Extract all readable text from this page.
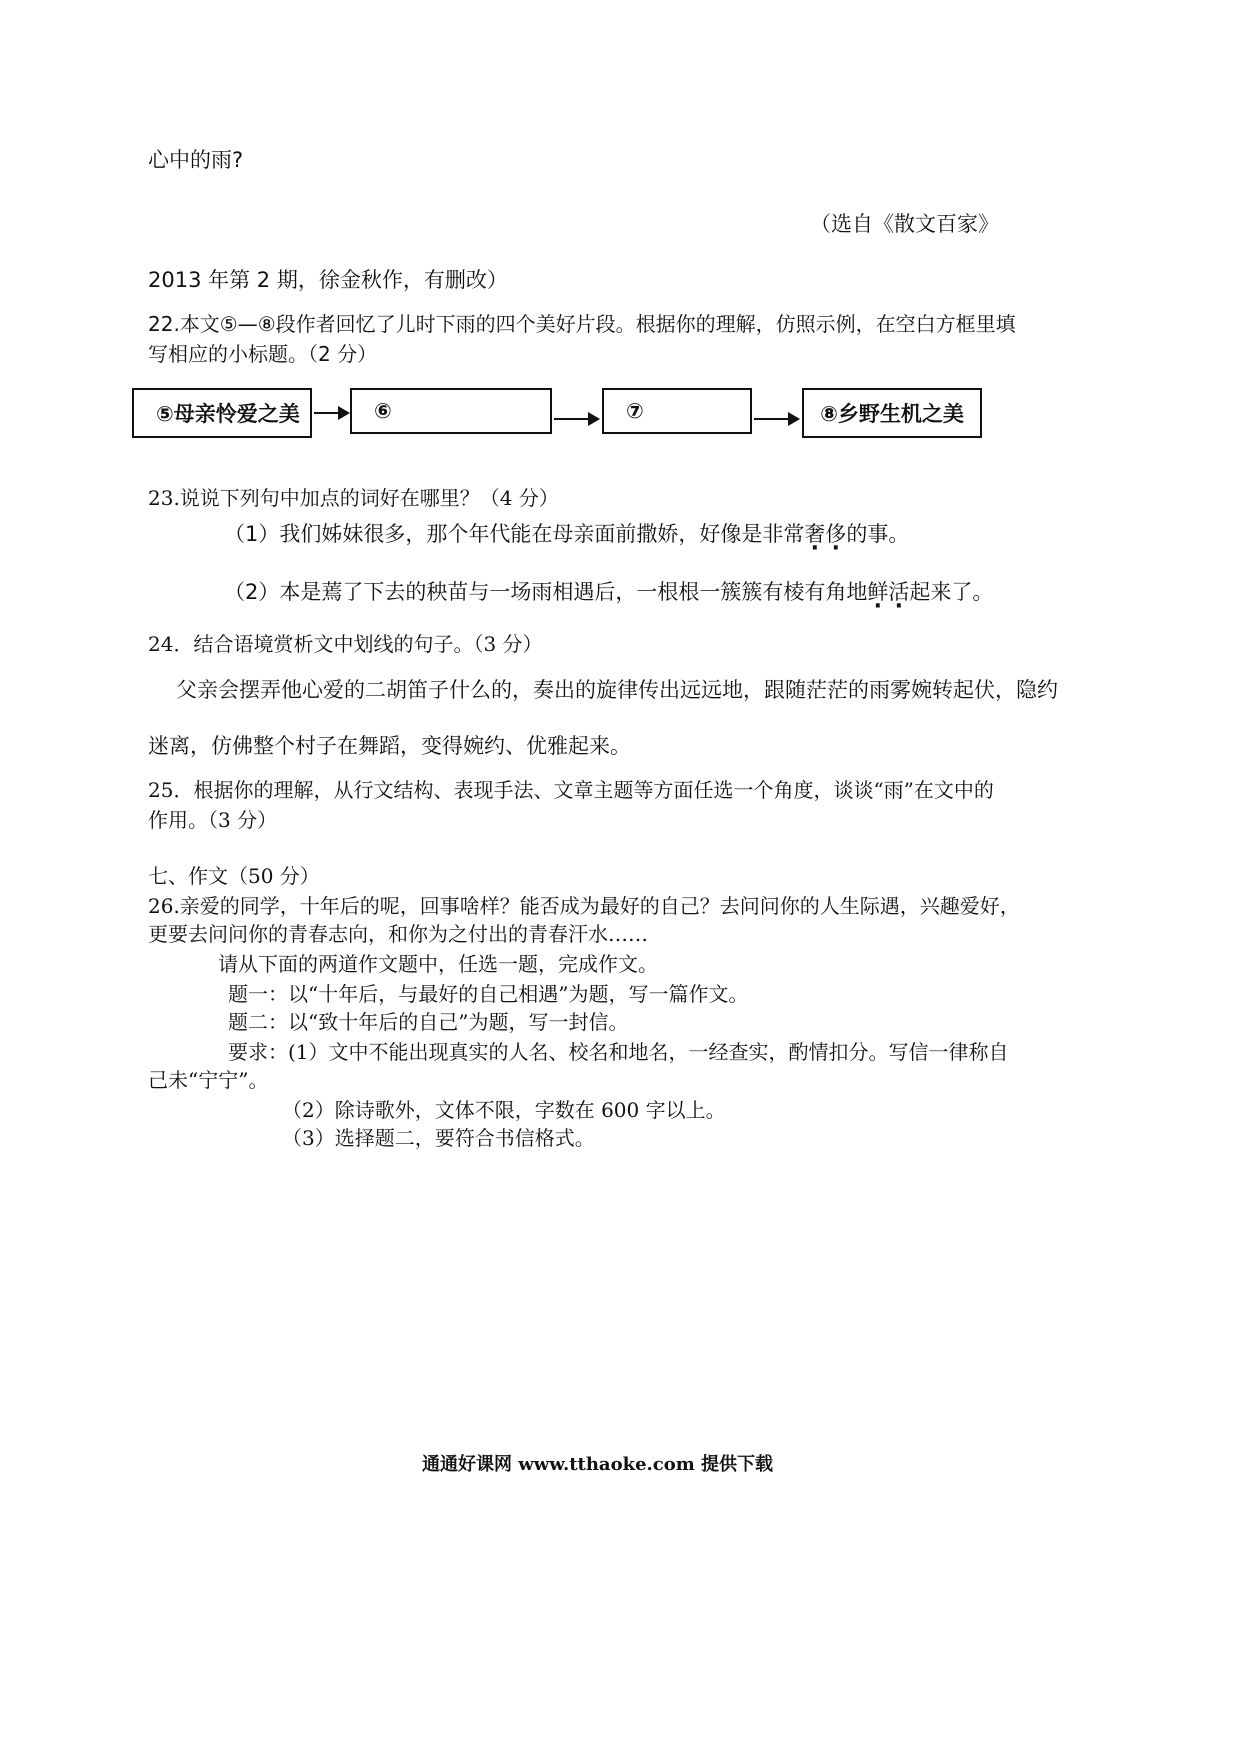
心中的雨?
（选自《散文百家》
2013 年第 2 期，徐金秋作，有删改）
22.本文⑤—⑧段作者回忆了儿时下雨的四个美好片段。根据你的理解，仿照示例，在空白方框里填
写相应的小标题。（2 分）
⑤母亲怜爱之美	⑥	⑦	⑧乡野生机之美
23.说说下列句中加点的词好在哪里？（4 分）
（1）我们姊妹很多，那个年代能在母亲面前撒娇，好像是非常奢侈的事。
（2）本是蔫了下去的秧苗与一场雨相遇后，一根根一簇簇有棱有角地鲜活起来了。
24．结合语境赏析文中划线的句子。（3 分）
父亲会摆弄他心爱的二胡笛子什么的，奏出的旋律传出远远地，跟随茫茫的雨雾婉转起伏，隐约
迷离，仿佛整个村子在舞蹈，变得婉约、优雅起来。
25．根据你的理解，从行文结构、表现手法、文章主题等方面任选一个角度，谈谈“雨”在文中的
作用。（3 分）
七、作文（50 分）
26.亲爱的同学，十年后的呢，回事啥样？能否成为最好的自己？去问问你的人生际遇，兴趣爱好，
更要去问问你的青春志向，和你为之付出的青春汗水……
请从下面的两道作文题中，任选一题，完成作文。
题一：以“十年后，与最好的自己相遇”为题，写一篇作文。
题二：以“致十年后的自己”为题，写一封信。
要求：(1）文中不能出现真实的人名、校名和地名，一经查实，酌情扣分。写信一律称自
己未“宁宁”。
（2）除诗歌外，文体不限，字数在 600 字以上。
（3）选择题二，要符合书信格式。
通通好课网 www.tthaoke.com 提供下载
